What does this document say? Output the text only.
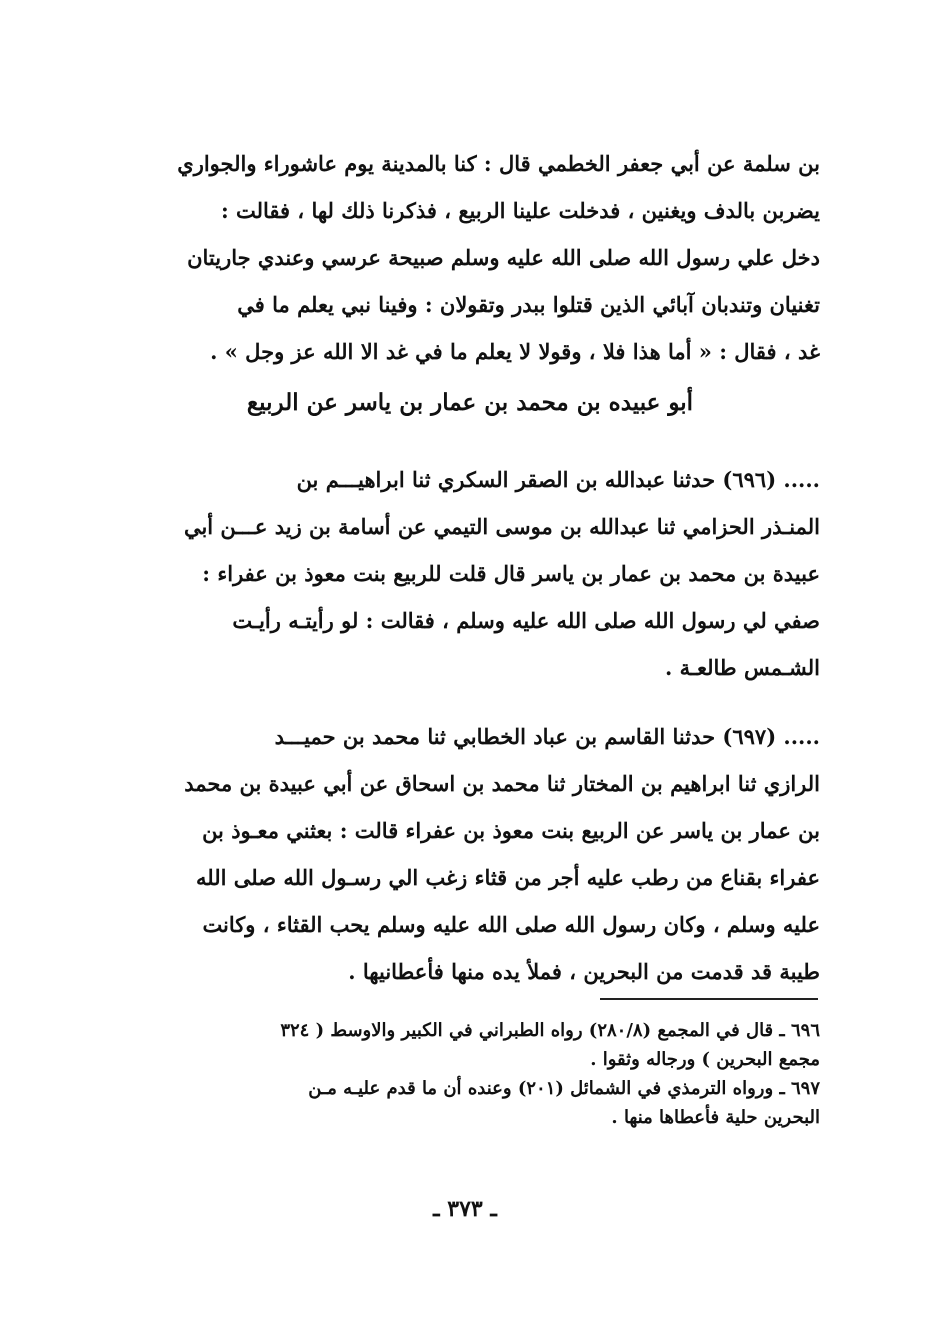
بن سلمة عن أبي جعفر الخطمي قال : كنا بالمدينة يوم عاشوراء والجواري
يضربن بالدف ويغنين ، فدخلت علينا الربيع ، فذكرنا ذلك لها ، فقالت :
دخل علي رسول الله صلى الله عليه وسلم صبيحة عرسي وعندي جاريتان
تغنيان وتندبان آبائي الذين قتلوا ببدر وتقولان : وفينا نبي يعلم ما في
غد ، فقال : « أما هذا فلا ، وقولا لا يعلم ما في غد الا الله عز وجل » .
أبو عبيده بن محمد بن عمار بن ياسر عن الربيع
..... (٦٩٦) حدثنا عبدالله بن الصقر السكري ثنا ابراهيـــم بن
المنـذر الحزامي ثنا عبدالله بن موسى التيمي عن أسامة بن زيد عـــن أبي
عبيدة بن محمد بن عمار بن ياسر قال قلت للربيع بنت معوذ بن عفراء :
صفي لي رسول الله صلى الله عليه وسلم ، فقالت : لو رأيتـه رأيـت
الشـمس طالعـة .
..... (٦٩٧) حدثنا القاسم بن عباد الخطابي ثنا محمد بن حميـــد
الرازي ثنا ابراهيم بن المختار ثنا محمد بن اسحاق عن أبي عبيدة بن محمد
بن عمار بن ياسر عن الربيع بنت معوذ بن عفراء قالت : بعثني معـوذ بن
عفراء بقناع من رطب عليه أجر من قثاء زغب الي رسـول الله صلى الله
عليه وسلم ، وكان رسول الله صلى الله عليه وسلم يحب القثاء ، وكانت
طيبة قد قدمت من البحرين ، فملأ يده منها فأعطانيها .
٦٩٦ ـ قال في المجمع (٢٨٠/٨) رواه الطبراني في الكبير والاوسط ( ٣٢٤
مجمع البحرين ) ورجاله وثقوا .
٦٩٧ ـ ورواه الترمذي في الشمائل (٢٠١) وعنده أن ما قدم عليـه مـن
البحرين حلية فأعطاها منها .
ـ ٣٧٣ ـ
